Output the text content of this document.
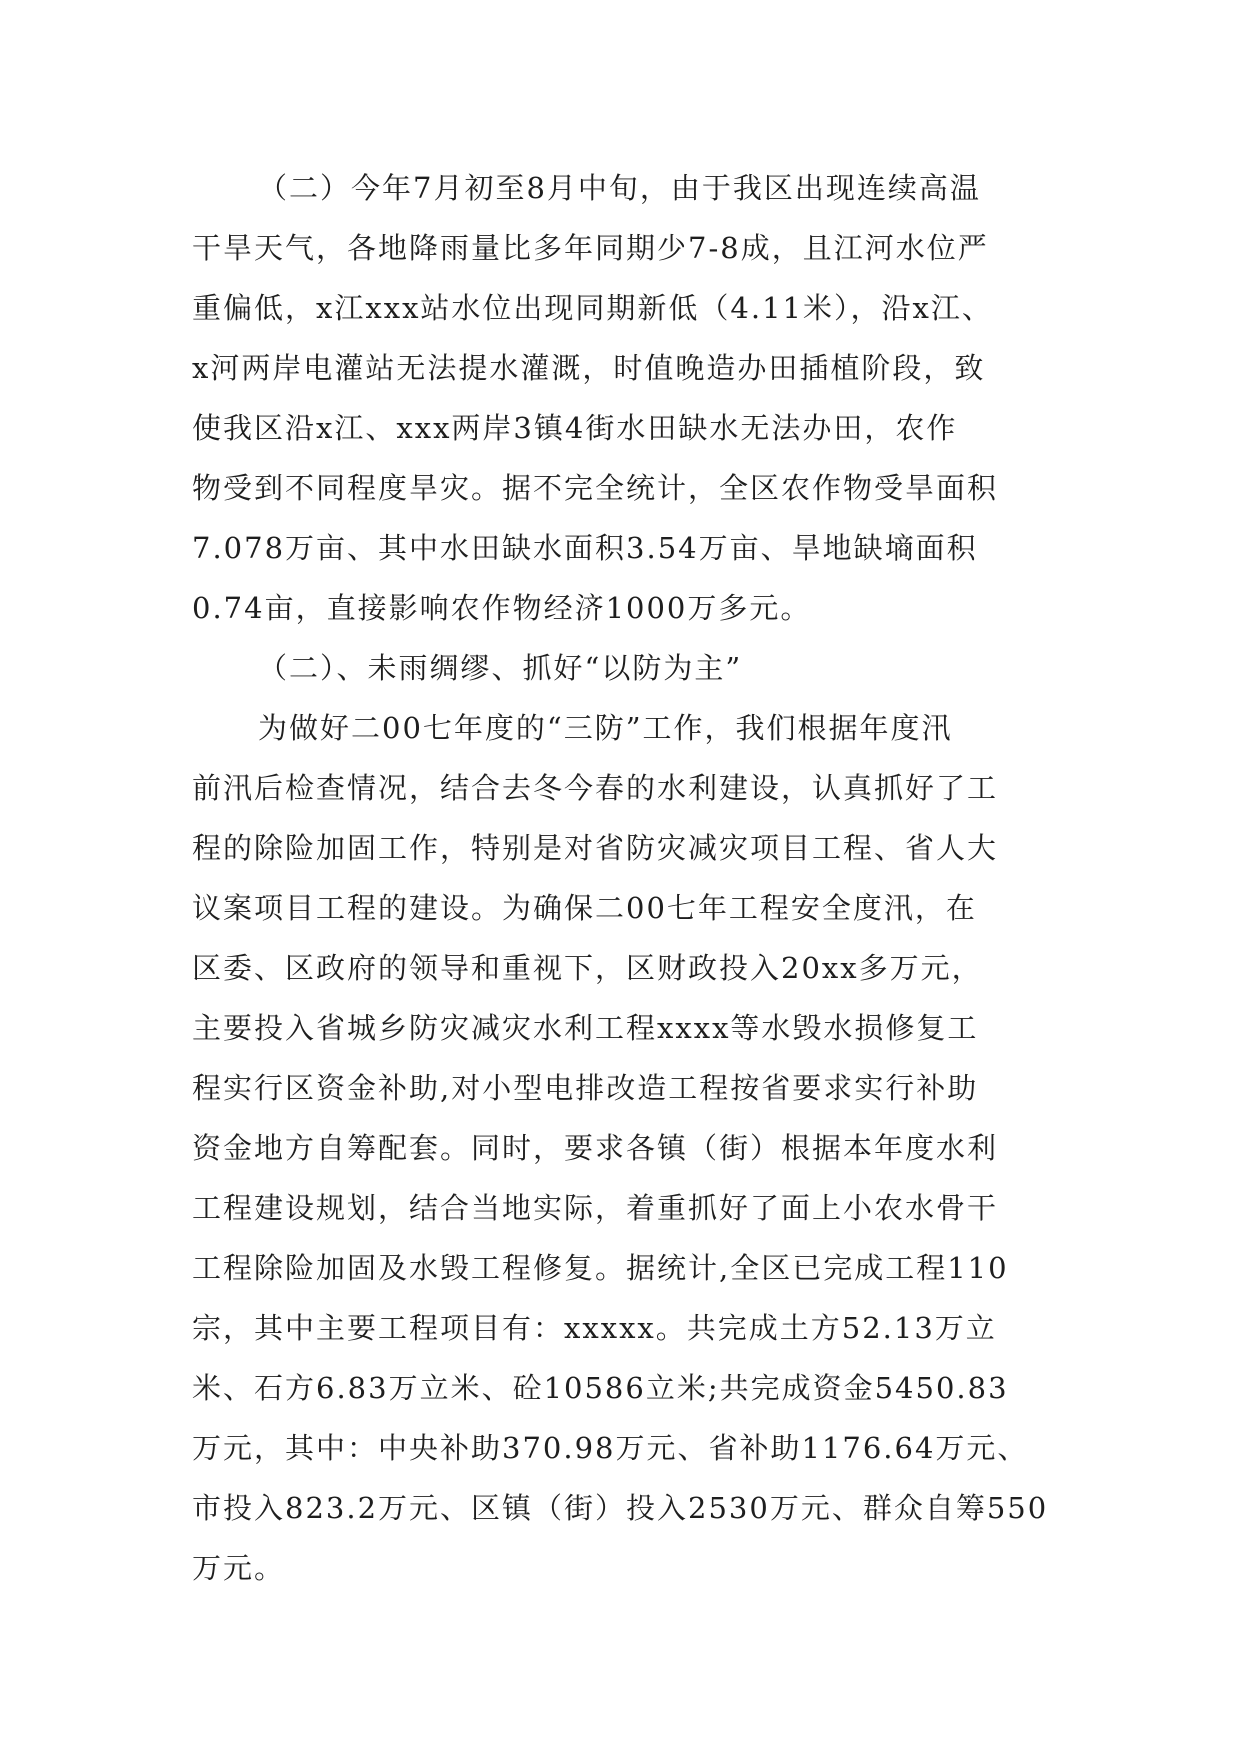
（二）今年7月初至8月中旬，由于我区出现连续高温
干旱天气，各地降雨量比多年同期少7-8成，且江河水位严
重偏低，x江xxx站水位出现同期新低（4.11米），沿x江、
x河两岸电灌站无法提水灌溉，时值晚造办田插植阶段，致
使我区沿x江、xxx两岸3镇4街水田缺水无法办田，农作
物受到不同程度旱灾。据不完全统计，全区农作物受旱面积
7.078万亩、其中水田缺水面积3.54万亩、旱地缺墒面积
0.74亩，直接影响农作物经济1000万多元。
（二）、未雨绸缪、抓好“以防为主”
为做好二00七年度的“三防”工作，我们根据年度汛
前汛后检查情况，结合去冬今春的水利建设，认真抓好了工
程的除险加固工作，特别是对省防灾减灾项目工程、省人大
议案项目工程的建设。为确保二00七年工程安全度汛，在
区委、区政府的领导和重视下，区财政投入20xx多万元，
主要投入省城乡防灾减灾水利工程xxxx等水毁水损修复工
程实行区资金补助,对小型电排改造工程按省要求实行补助
资金地方自筹配套。同时，要求各镇（街）根据本年度水利
工程建设规划，结合当地实际，着重抓好了面上小农水骨干
工程除险加固及水毁工程修复。据统计,全区已完成工程110
宗，其中主要工程项目有：xxxxx。共完成土方52.13万立
米、石方6.83万立米、砼10586立米;共完成资金5450.83
万元，其中：中央补助370.98万元、省补助1176.64万元、
市投入823.2万元、区镇（街）投入2530万元、群众自筹550
万元。
